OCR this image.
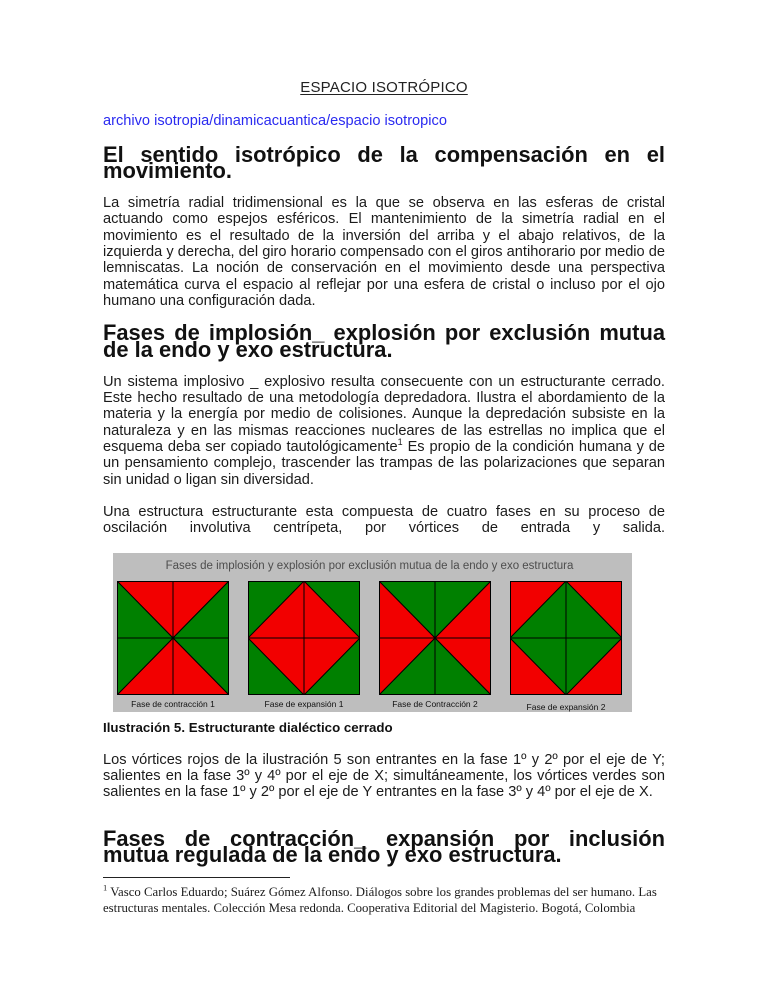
ESPACIO ISOTRÓPICO

archivo isotropia/dinamicacuantica/espacio isotropico

El sentido isotrópico de la compensación en el movimiento.

La simetría radial tridimensional es la que se observa en las esferas de cristal actuando como espejos esféricos. El mantenimiento de la simetría radial en el movimiento es el resultado de la inversión del arriba y el abajo relativos, de la izquierda y derecha, del giro horario compensado con el giros antihorario por medio de lemniscatas. La noción de conservación en el movimiento desde una perspectiva matemática curva el espacio al reflejar por una esfera de cristal o incluso por el ojo humano una configuración dada.

Fases de implosión_ explosión por exclusión mutua de la endo y exo estructura.

Un sistema implosivo _ explosivo resulta consecuente con un estructurante cerrado. Este hecho resultado de una metodología depredadora. Ilustra el abordamiento de la materia y la energía por medio de colisiones. Aunque la depredación subsiste en la naturaleza y en las mismas reacciones nucleares de las estrellas no implica que el esquema deba ser copiado tautológicamente$^1$ Es propio de la condición humana y de un pensamiento complejo, trascender las trampas de las polarizaciones que separan sin unidad o ligan sin diversidad.

Una estructura estructurante esta compuesta de cuatro fases en su proceso de oscilación involutiva centrípeta, por vórtices de entrada y salida.

Fases de implosión y explosión por exclusión mutua de la endo y exo estructura
Fase de contracción 1	Fase de expansión 1	Fase de Contracción 2	Fase de expansión 2

Ilustración 5. Estructurante dialéctico cerrado

Los vórtices rojos de la ilustración 5 son entrantes en la fase 1º y 2º por el eje de Y; salientes en la fase 3º y 4º por el eje de X; simultáneamente, los vórtices verdes son salientes en la fase 1º y 2º por el eje de Y entrantes en la fase 3º y 4º por el eje de X.

Fases de contracción_ expansión por inclusión mutua regulada de la endo y exo estructura.

$^1$ Vasco Carlos Eduardo; Suárez Gómez Alfonso. Diálogos sobre los grandes problemas del ser humano. Las estructuras mentales. Colección Mesa redonda. Cooperativa Editorial del Magisterio. Bogotá, Colombia
